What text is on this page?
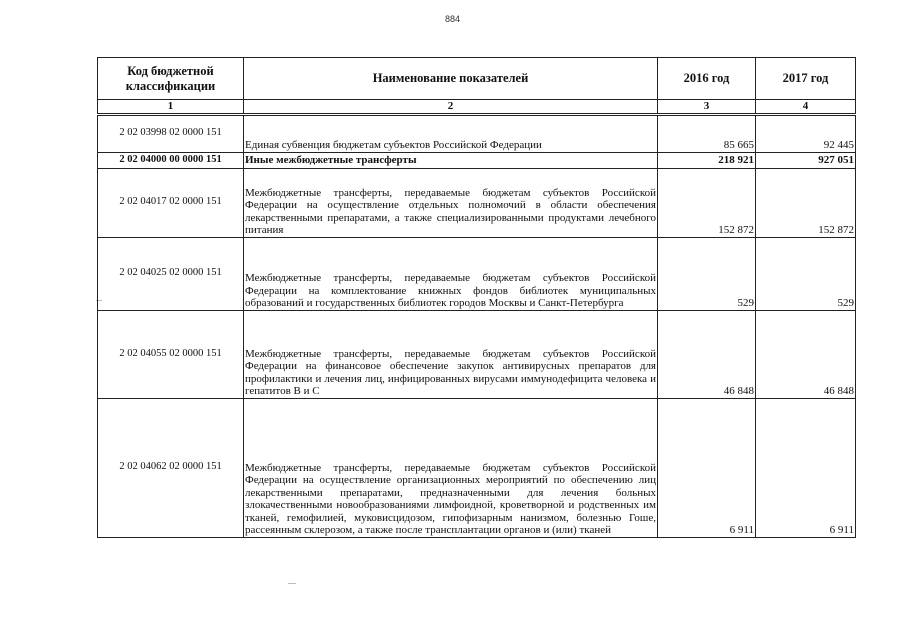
884
Код бюджетной классификации	Наименование показателей	2016 год	2017 год
1	2	3	4
2 02 03998 02 0000 151	Единая субвенция бюджетам субъектов Российской Федерации	85 665	92 445
2 02 04000 00 0000 151	Иные межбюджетные трансферты	218 921	927 051
2 02 04017 02 0000 151	Межбюджетные трансферты, передаваемые бюджетам субъектов Российской Федерации на осуществление отдельных полномочий в области обеспечения лекарственными препаратами, а также специализированными продуктами лечебного питания	152 872	152 872
2 02 04025 02 0000 151	Межбюджетные трансферты, передаваемые бюджетам субъектов Российской Федерации на комплектование книжных фондов библиотек муниципальных образований и государственных библиотек городов Москвы и Санкт-Петербурга	529	529
2 02 04055 02 0000 151	Межбюджетные трансферты, передаваемые бюджетам субъектов Российской Федерации на финансовое обеспечение закупок антивирусных препаратов для профилактики и лечения лиц, инфицированных вирусами иммунодефицита человека и гепатитов В и С	46 848	46 848
2 02 04062 02 0000 151	Межбюджетные трансферты, передаваемые бюджетам субъектов Российской Федерации на осуществление организационных мероприятий по обеспечению лиц лекарственными препаратами, предназначенными для лечения больных злокачественными новообразованиями лимфоидной, кроветворной и родственных им тканей, гемофилией, муковисцидозом, гипофизарным нанизмом, болезнью Гоше, рассеянным склерозом, а также после трансплантации органов и (или) тканей	6 911	6 911
